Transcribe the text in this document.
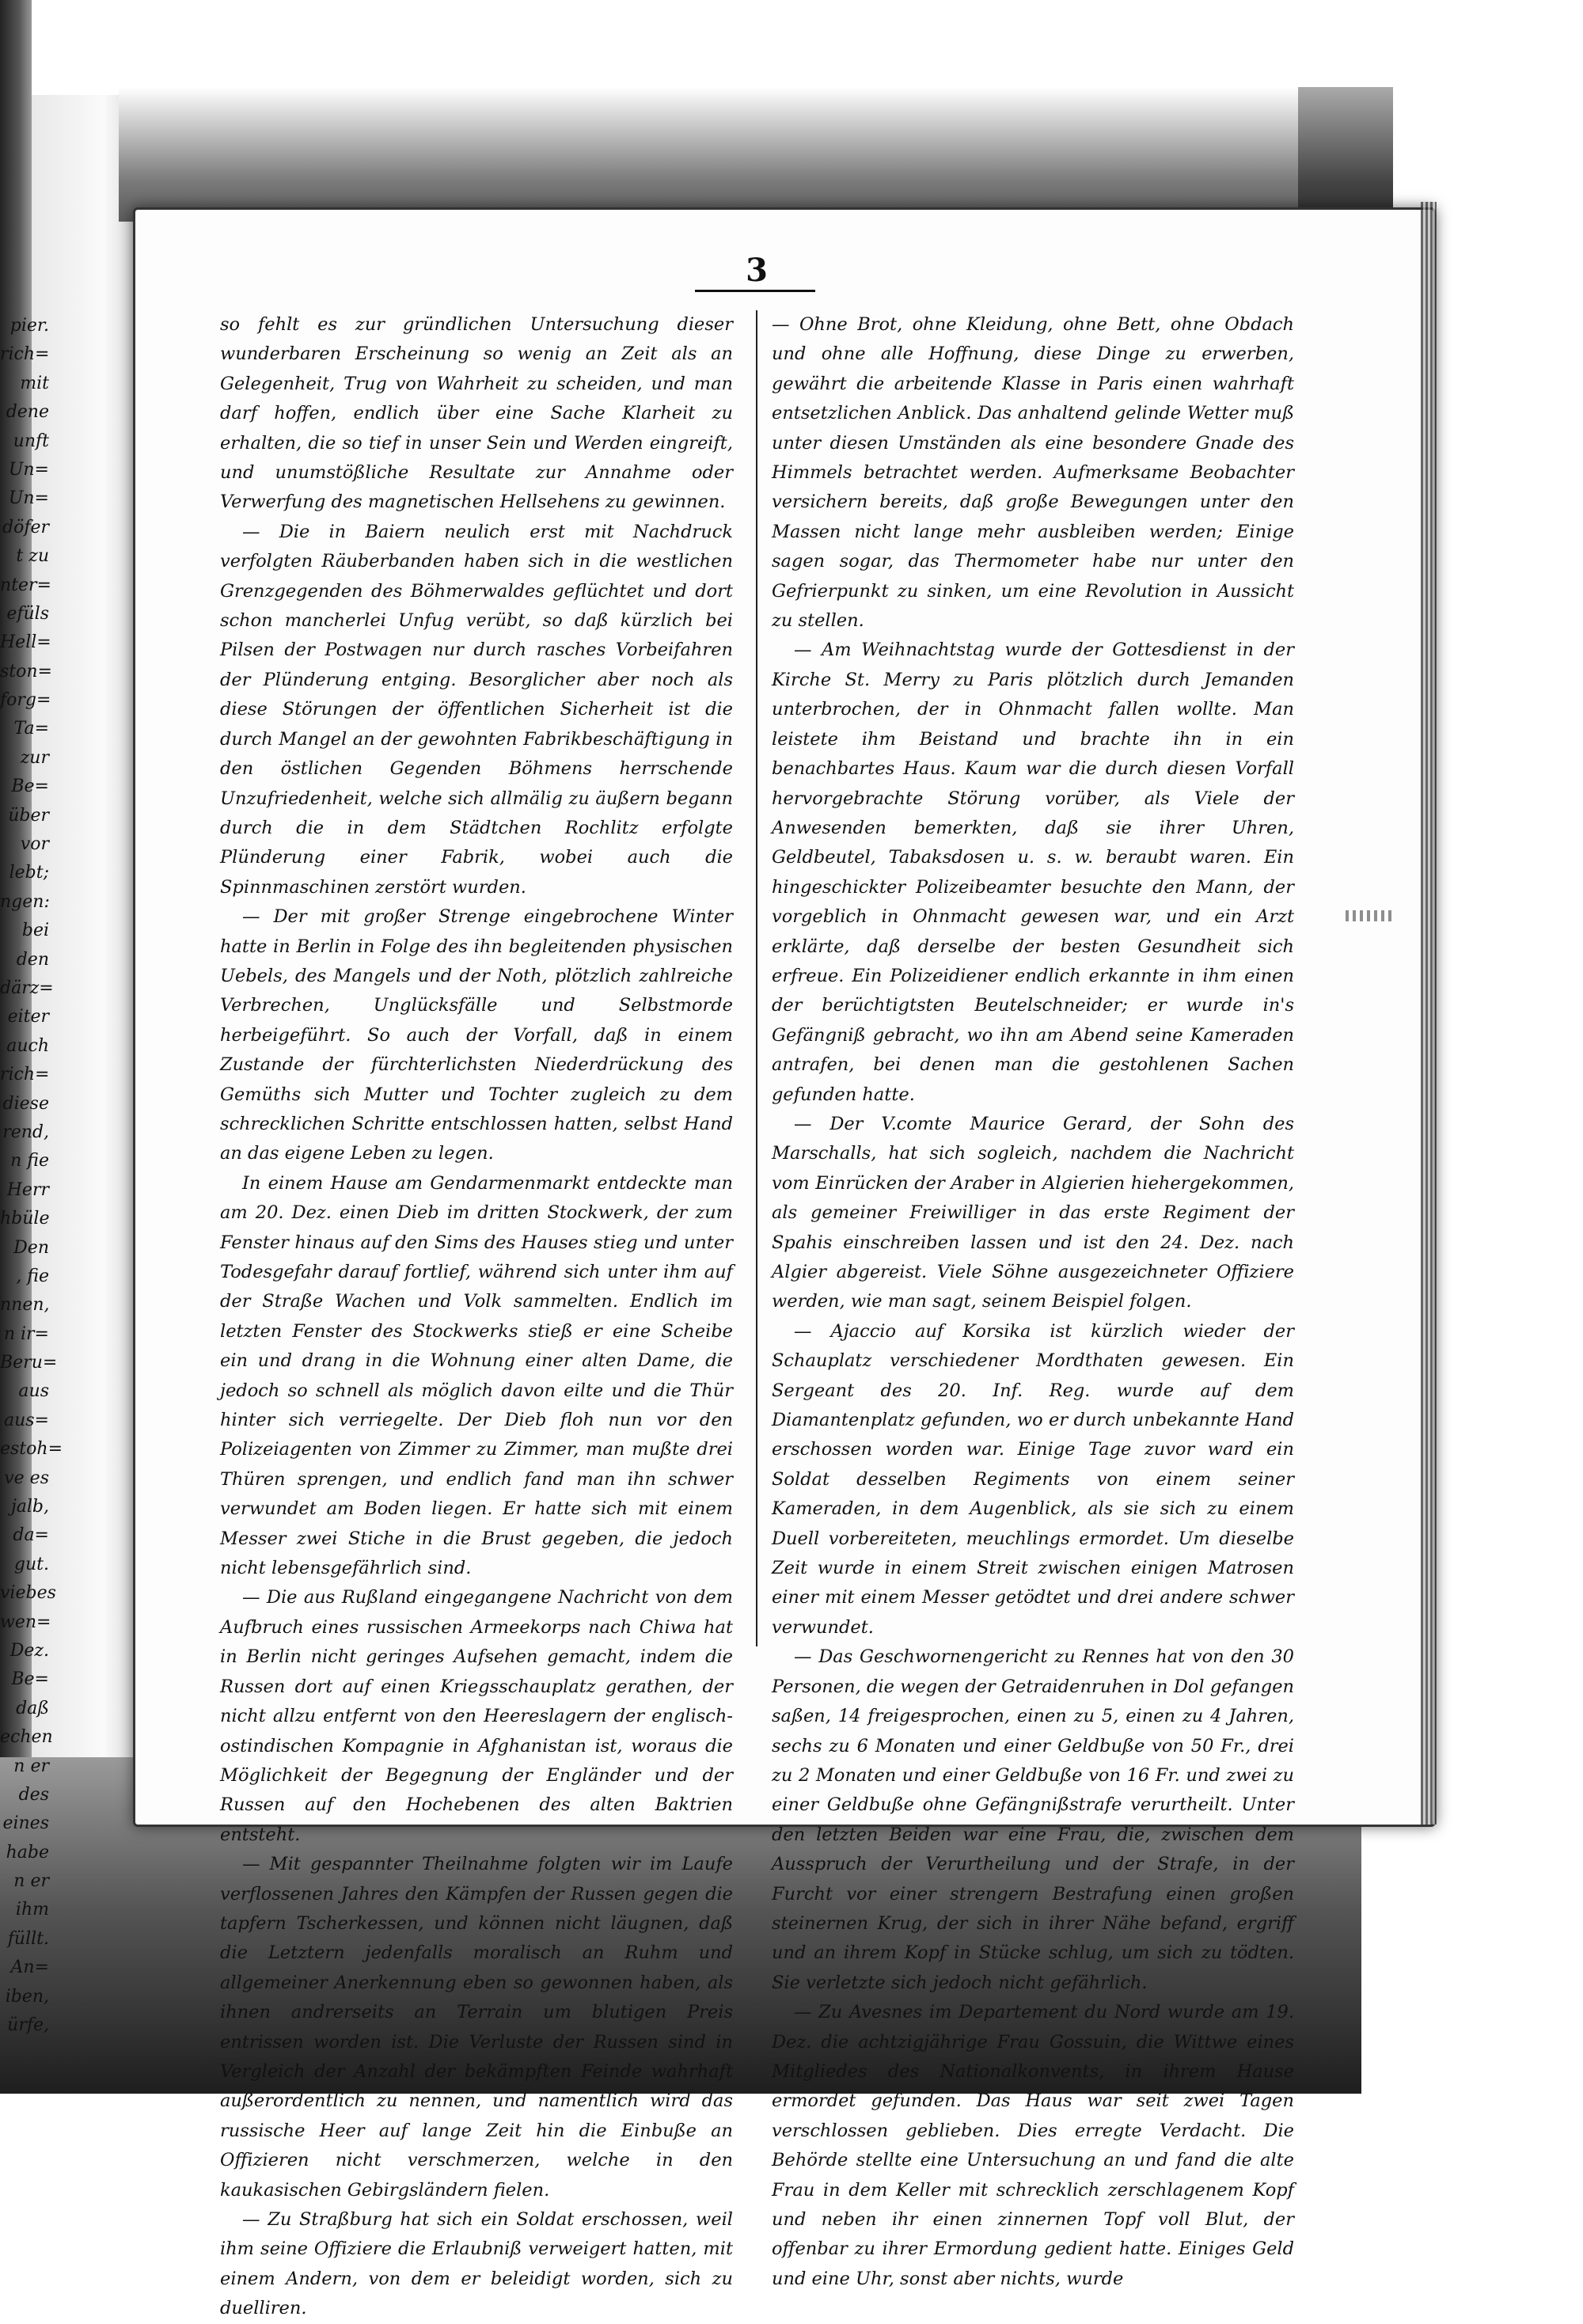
pier.
rich=
mit
dene
unft
Un=
Un=
döfer
t zu
nter=
efüls
Hell=
ston=
forg=
Ta=
zur
Be=
über
vor
lebt;
ngen:
bei
den
därz=
eiter
auch
rich=
diese
rend,
n fie
Herr
hbüle
Den
, fie
nnen,
n ir=
Beru=
aus
aus=
estoh=
ve es
jalb,
da=
gut.
viebes
wen=
Dez.
Be=
daß
echen
n er
des
eines
habe
n er
ihm
füllt.
An=
iben,
ürfe,
3

so fehlt es zur gründlichen Untersuchung dieser wunderbaren Erscheinung so wenig an Zeit als an Gelegenheit, Trug von Wahrheit zu scheiden, und man darf hoffen, endlich über eine Sache Klarheit zu erhalten, die so tief in unser Sein und Werden eingreift, und unumstößliche Resultate zur Annahme oder Verwerfung des magnetischen Hellsehens zu gewinnen.

— Die in Baiern neulich erst mit Nachdruck verfolgten Räuberbanden haben sich in die westlichen Grenzgegenden des Böhmerwaldes geflüchtet und dort schon mancherlei Unfug verübt, so daß kürzlich bei Pilsen der Postwagen nur durch rasches Vorbeifahren der Plünderung entging. Besorglicher aber noch als diese Störungen der öffentlichen Sicherheit ist die durch Mangel an der gewohnten Fabrikbeschäftigung in den östlichen Gegenden Böhmens herrschende Unzufriedenheit, welche sich allmälig zu äußern begann durch die in dem Städtchen Rochlitz erfolgte Plünderung einer Fabrik, wobei auch die Spinnmaschinen zerstört wurden.

— Der mit großer Strenge eingebrochene Winter hatte in Berlin in Folge des ihn begleitenden physischen Uebels, des Mangels und der Noth, plötzlich zahlreiche Verbrechen, Unglücksfälle und Selbstmorde herbeigeführt. So auch der Vorfall, daß in einem Zustande der fürchterlichsten Niederdrückung des Gemüths sich Mutter und Tochter zugleich zu dem schrecklichen Schritte entschlossen hatten, selbst Hand an das eigene Leben zu legen.

In einem Hause am Gendarmenmarkt entdeckte man am 20. Dez. einen Dieb im dritten Stockwerk, der zum Fenster hinaus auf den Sims des Hauses stieg und unter Todesgefahr darauf fortlief, während sich unter ihm auf der Straße Wachen und Volk sammelten. Endlich im letzten Fenster des Stockwerks stieß er eine Scheibe ein und drang in die Wohnung einer alten Dame, die jedoch so schnell als möglich davon eilte und die Thür hinter sich verriegelte. Der Dieb floh nun vor den Polizeiagenten von Zimmer zu Zimmer, man mußte drei Thüren sprengen, und endlich fand man ihn schwer verwundet am Boden liegen. Er hatte sich mit einem Messer zwei Stiche in die Brust gegeben, die jedoch nicht lebensgefährlich sind.

— Die aus Rußland eingegangene Nachricht von dem Aufbruch eines russischen Armeekorps nach Chiwa hat in Berlin nicht geringes Aufsehen gemacht, indem die Russen dort auf einen Kriegsschauplatz gerathen, der nicht allzu entfernt von den Heereslagern der englisch-ostindischen Kompagnie in Afghanistan ist, woraus die Möglichkeit der Begegnung der Engländer und der Russen auf den Hochebenen des alten Baktrien entsteht.

— Mit gespannter Theilnahme folgten wir im Laufe verflossenen Jahres den Kämpfen der Russen gegen die tapfern Tscherkessen, und können nicht läugnen, daß die Letztern jedenfalls moralisch an Ruhm und allgemeiner Anerkennung eben so gewonnen haben, als ihnen andrerseits an Terrain um blutigen Preis entrissen worden ist. Die Verluste der Russen sind in Vergleich der Anzahl der bekämpften Feinde wahrhaft außerordentlich zu nennen, und namentlich wird das russische Heer auf lange Zeit hin die Einbuße an Offizieren nicht verschmerzen, welche in den kaukasischen Gebirgsländern fielen.

— Zu Straßburg hat sich ein Soldat erschossen, weil ihm seine Offiziere die Erlaubniß verweigert hatten, mit einem Andern, von dem er beleidigt worden, sich zu duelliren.

— Ohne Brot, ohne Kleidung, ohne Bett, ohne Obdach und ohne alle Hoffnung, diese Dinge zu erwerben, gewährt die arbeitende Klasse in Paris einen wahrhaft entsetzlichen Anblick. Das anhaltend gelinde Wetter muß unter diesen Umständen als eine besondere Gnade des Himmels betrachtet werden. Aufmerksame Beobachter versichern bereits, daß große Bewegungen unter den Massen nicht lange mehr ausbleiben werden; Einige sagen sogar, das Thermometer habe nur unter den Gefrierpunkt zu sinken, um eine Revolution in Aussicht zu stellen.

— Am Weihnachtstag wurde der Gottesdienst in der Kirche St. Merry zu Paris plötzlich durch Jemanden unterbrochen, der in Ohnmacht fallen wollte. Man leistete ihm Beistand und brachte ihn in ein benachbartes Haus. Kaum war die durch diesen Vorfall hervorgebrachte Störung vorüber, als Viele der Anwesenden bemerkten, daß sie ihrer Uhren, Geldbeutel, Tabaksdosen u. s. w. beraubt waren. Ein hingeschickter Polizeibeamter besuchte den Mann, der vorgeblich in Ohnmacht gewesen war, und ein Arzt erklärte, daß derselbe der besten Gesundheit sich erfreue. Ein Polizeidiener endlich erkannte in ihm einen der berüchtigtsten Beutelschneider; er wurde in's Gefängniß gebracht, wo ihn am Abend seine Kameraden antrafen, bei denen man die gestohlenen Sachen gefunden hatte.

— Der V.comte Maurice Gerard, der Sohn des Marschalls, hat sich sogleich, nachdem die Nachricht vom Einrücken der Araber in Algierien hiehergekommen, als gemeiner Freiwilliger in das erste Regiment der Spahis einschreiben lassen und ist den 24. Dez. nach Algier abgereist. Viele Söhne ausgezeichneter Offiziere werden, wie man sagt, seinem Beispiel folgen.

— Ajaccio auf Korsika ist kürzlich wieder der Schauplatz verschiedener Mordthaten gewesen. Ein Sergeant des 20. Inf. Reg. wurde auf dem Diamantenplatz gefunden, wo er durch unbekannte Hand erschossen worden war. Einige Tage zuvor ward ein Soldat desselben Regiments von einem seiner Kameraden, in dem Augenblick, als sie sich zu einem Duell vorbereiteten, meuchlings ermordet. Um dieselbe Zeit wurde in einem Streit zwischen einigen Matrosen einer mit einem Messer getödtet und drei andere schwer verwundet.

— Das Geschwornengericht zu Rennes hat von den 30 Personen, die wegen der Getraidenruhen in Dol gefangen saßen, 14 freigesprochen, einen zu 5, einen zu 4 Jahren, sechs zu 6 Monaten und einer Geldbuße von 50 Fr., drei zu 2 Monaten und einer Geldbuße von 16 Fr. und zwei zu einer Geldbuße ohne Gefängnißstrafe verurtheilt. Unter den letzten Beiden war eine Frau, die, zwischen dem Ausspruch der Verurtheilung und der Strafe, in der Furcht vor einer strengern Bestrafung einen großen steinernen Krug, der sich in ihrer Nähe befand, ergriff und an ihrem Kopf in Stücke schlug, um sich zu tödten. Sie verletzte sich jedoch nicht gefährlich.

— Zu Avesnes im Departement du Nord wurde am 19. Dez. die achtzigjährige Frau Gossuin, die Wittwe eines Mitgliedes des Nationalkonvents, in ihrem Hause ermordet gefunden. Das Haus war seit zwei Tagen verschlossen geblieben. Dies erregte Verdacht. Die Behörde stellte eine Untersuchung an und fand die alte Frau in dem Keller mit schrecklich zerschlagenem Kopf und neben ihr einen zinnernen Topf voll Blut, der offenbar zu ihrer Ermordung gedient hatte. Einiges Geld und eine Uhr, sonst aber nichts, wurde
